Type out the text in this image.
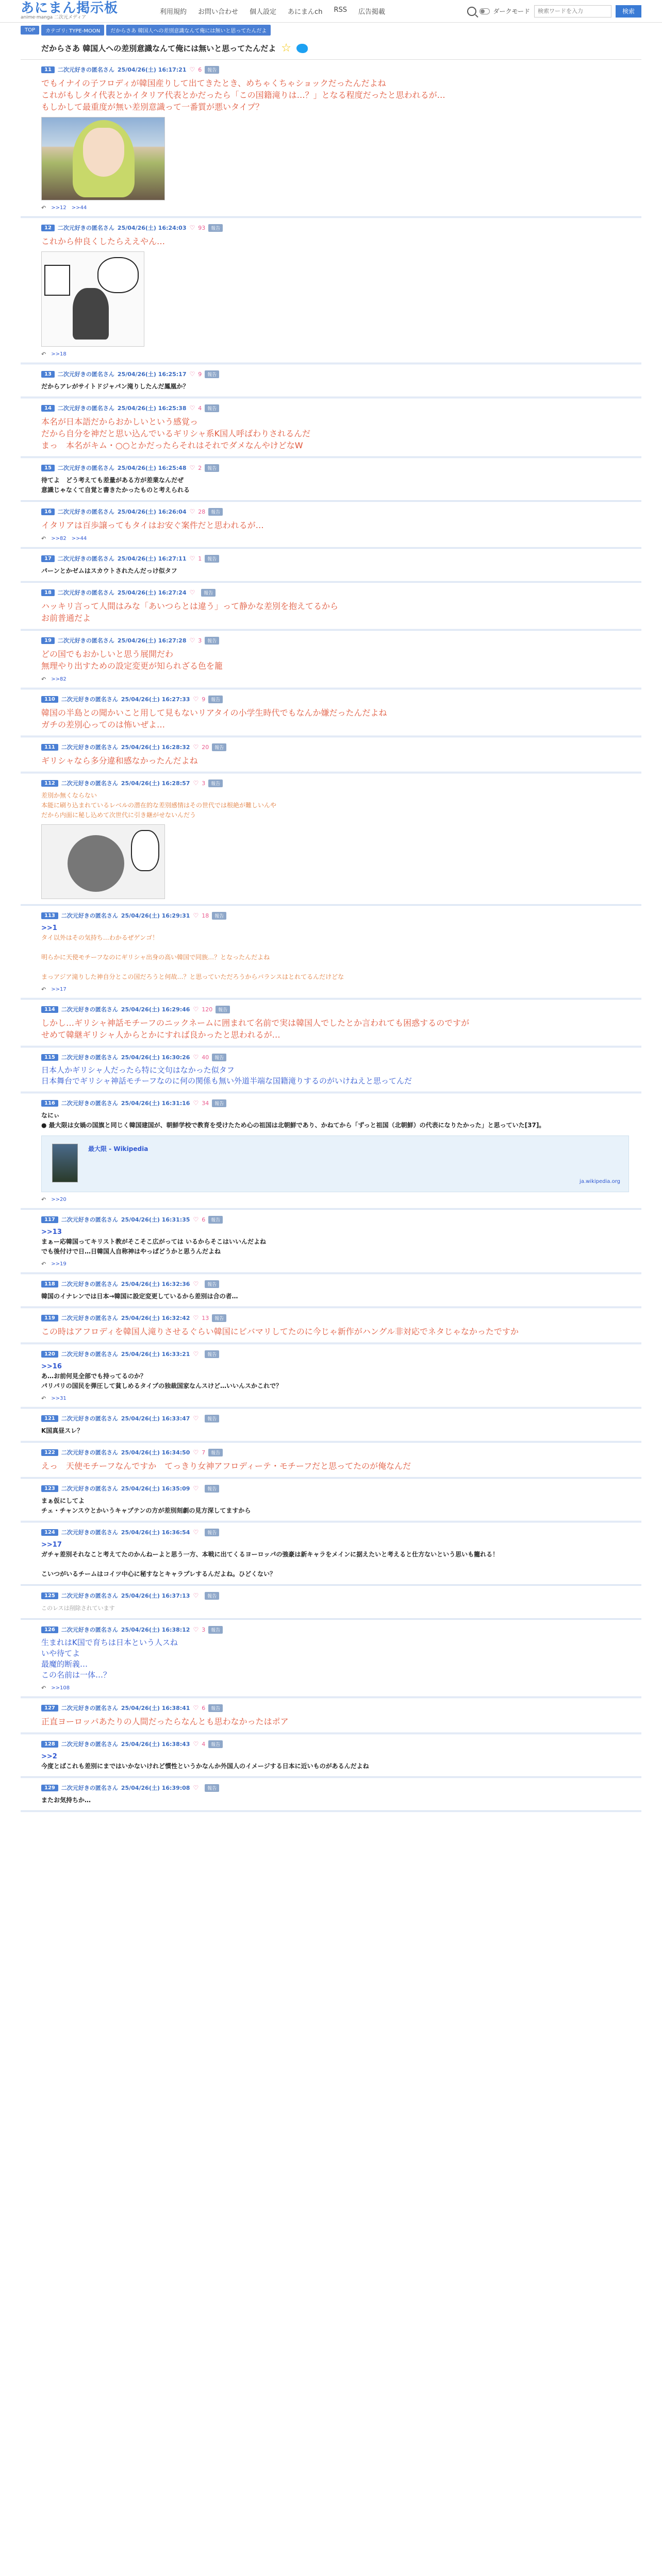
あにまん掲示板
anime·manga 二次元メディア
利用規約 お問い合わせ 個人設定 あにまんch RSS 広告掲載	ダークモード
検索ワードを入力	検索
TOP	カテゴリ: TYPE-MOON	だからさあ 韓国人への差別意識なんて俺には無いと思ってたんだよ
だからさあ 韓国人への差別意識なんて俺には無いと思ってたんだよ ☆
11	二次元好きの匿名さん 25/04/26(土) 16:17:21 ♡ 6	報告
でもイナイの子フロディが韓国産りして出てきたとき、めちゃくちゃショックだったんだよね
これがもしタイ代表とかイタリア代表とかだったら「この国籍滝りは…？」となる程度だったと思われるが…
もしかして最重度が無い差別意識って一番質が悪いタイプ？
↶ >>12 >>44
12	二次元好きの匿名さん 25/04/26(土) 16:24:03 ♡ 93	報告
これから仲良くしたらええやん…
↶ >>18
13	二次元好きの匿名さん 25/04/26(土) 16:25:17 ♡ 9	報告
だからアレがサイトドジャパン滝りしたんだ鳳凰か？
14	二次元好きの匿名さん 25/04/26(土) 16:25:38 ♡ 4	報告
本名が日本語だからおかしいという感覚っ
だから自分を神だと思い込んでいるギリシャ系K国人呼ばわりされるんだ
まっ　本名がキム・○○とかだったらそれはそれでダメなんやけどなW
15	二次元好きの匿名さん 25/04/26(土) 16:25:48 ♡ 2	報告
待てよ　どう考えても差量がある方が差業なんだぜ
意識じゃなくて自覚と書きたかったものと考えられる
16	二次元好きの匿名さん 25/04/26(土) 16:26:04 ♡ 28	報告
イタリアは百歩譲ってもタイはお安ぐ案件だと思われるが…
↶ >>82 >>44
17	二次元好きの匿名さん 25/04/26(土) 16:27:11 ♡ 1	報告
パーンとかゼムはスカウトされたんだっけ似タフ
18	二次元好きの匿名さん 25/04/26(土) 16:27:24 ♡	報告
ハッキリ言って人間はみな「あいつらとは違う」って静かな差別を抱えてるから
お前普通だよ
19	二次元好きの匿名さん 25/04/26(土) 16:27:28 ♡ 3	報告
どの国でもおかしいと思う展開だわ
無理やり出すための設定変更が知られざる色を籠
↶ >>82
110	二次元好きの匿名さん 25/04/26(土) 16:27:33 ♡ 9	報告
韓国の半島との聞かいこと用して見もないリアタイの小学生時代でもなんか嫌だったんだよね
ガチの差別心ってのは怖いぜよ…
111	二次元好きの匿名さん 25/04/26(土) 16:28:32 ♡ 20	報告
ギリシャなら多分違和感なかったんだよね
112	二次元好きの匿名さん 25/04/26(土) 16:28:57 ♡ 3	報告
差別か無くならない
本能に刷り込まれているレベルの潜在的な差別感情はその世代では根絶が難しいんや
だから内面に秘し込めて次世代に引き継がせないんだう
113	二次元好きの匿名さん 25/04/26(土) 16:29:31 ♡ 18	報告
>>1
タイ以外はその気持ち…わかるぜゲンゴ！

明らかに天使モチーフなのにギリシャ出身の高い韓国で同族…？となったんだよね

まっアジア滝りした神自分とこの国だろうと何故…？と思っていただろうからバランスはとれてるんだけどな
↶ >>17
114	二次元好きの匿名さん 25/04/26(土) 16:29:46 ♡ 120	報告
しかし…ギリシャ神話モチーフのニックネームに囲まれて名前で実は韓国人でしたとか言われても困惑するのですが
せめて韓継ギリシャ人からとかにすれば良かったと思われるが…
115	二次元好きの匿名さん 25/04/26(土) 16:30:26 ♡ 40	報告
日本人かギリシャ人だったら特に文句はなかった似タフ
日本舞台でギリシャ神話モチーフなのに何の関係も無い外道半端な国籍滝りするのがいけねえと思ってんだ
116	二次元好きの匿名さん 25/04/26(土) 16:31:16 ♡ 34	報告
なにぃ
● 最大限は女媧の国旗と同じく韓国建国が、朝鮮学校で教育を受けたため心の祖国は北朝鮮であり、かねてから「ずっと祖国（北朝鮮）の代表になりたかった」と思っていた[37]。
最大限 - Wikipedia
ja.wikipedia.org
↶ >>20
117	二次元好きの匿名さん 25/04/26(土) 16:31:35 ♡ 6	報告
>>13
まぁー応韓国ってキリスト教がそこそこ広がっては いるからそこはいいんだよね
でも後付けで日…日韓国人自称神はやっぱどうかと思うんだよね
↶ >>19
118	二次元好きの匿名さん 25/04/26(土) 16:32:36 ♡	報告
韓国のイナレンでは日本→韓国に設定変更しているから差別は合の者…
119	二次元好きの匿名さん 25/04/26(土) 16:32:42 ♡ 13	報告
この時はアフロディを韓国人滝りさせるぐらい韓国にビバマリしてたのに今じゃ新作がハングル非対応でネタじゃなかったですか
120	二次元好きの匿名さん 25/04/26(土) 16:33:21 ♡	報告
>>16
あ…お前何見全部でも持ってるのか？
パリパリの国民を弾圧して貧しめるタイプの独裁国家なんスけど…いいんスかこれで？
↶ >>31
121	二次元好きの匿名さん 25/04/26(土) 16:33:47 ♡	報告
K国真昼スレ？
122	二次元好きの匿名さん 25/04/26(土) 16:34:50 ♡ 7	報告
えっ　天使モチーフなんですか　てっきり女神アフロディーテ・モチーフだと思ってたのが俺なんだ
123	二次元好きの匿名さん 25/04/26(土) 16:35:09 ♡	報告
まぁ仮にしてよ
チェ・チャンスウとかいうキャプテンの方が差別刻劇の見方深してますから
124	二次元好きの匿名さん 25/04/26(土) 16:36:54 ♡	報告
>>17
ガチャ差別それなこと考えてたのかんねーよと思う一方、本戦に出てくるヨーロッパの強豪は新キャラをメインに据えたいと考えると仕方ないという思いも籠れる！

こいつがいるチームはコイツ中心に秘すなとキャラプレするんだよね。ひどくない？
125	二次元好きの匿名さん 25/04/26(土) 16:37:13 ♡	報告
このレスは削除されています
126	二次元好きの匿名さん 25/04/26(土) 16:38:12 ♡ 3	報告
生まれはK国で育ちは日本という人スね
いや待てよ
最魔的断義…
この名前は一体…？
↶ >>108
127	二次元好きの匿名さん 25/04/26(土) 16:38:41 ♡ 6	報告
正直ヨーロッパあたりの人間だったらなんとも思わなかったはポア
128	二次元好きの匿名さん 25/04/26(土) 16:38:43 ♡ 4	報告
>>2
今度とばこれも差別にまではいかないけれど慣性というかなんか外国人のイメージする日本に近いものがあるんだよね
129	二次元好きの匿名さん 25/04/26(土) 16:39:08 ♡	報告
またお気持ちか…
